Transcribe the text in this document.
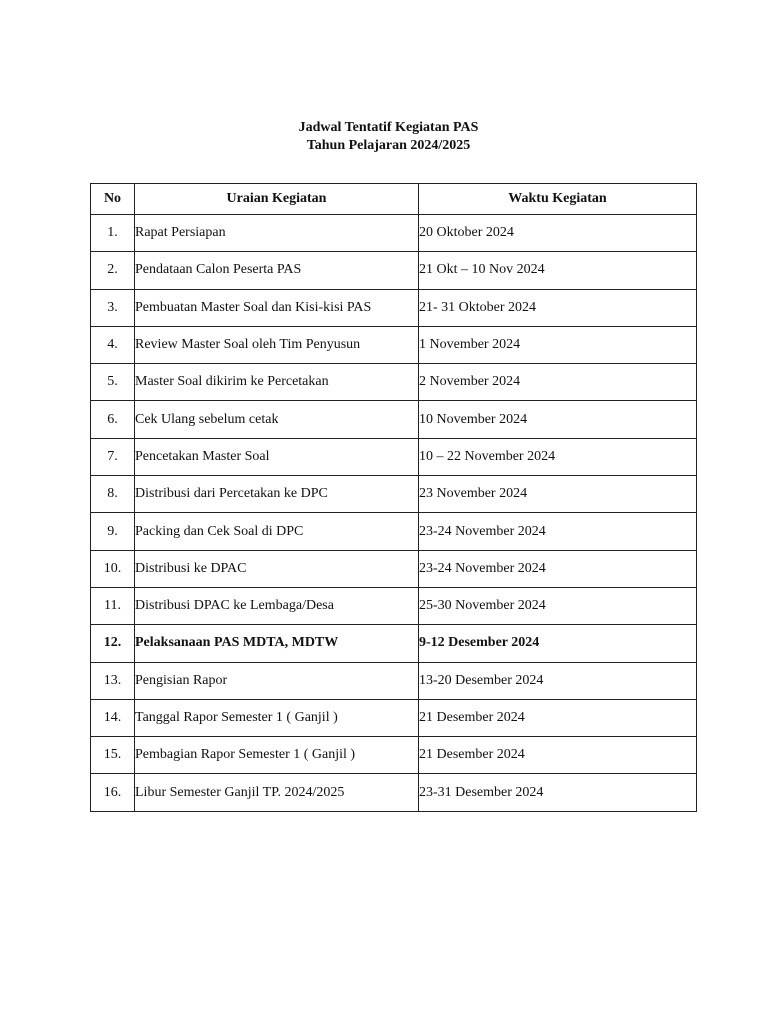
Jadwal Tentatif Kegiatan PAS
Tahun Pelajaran 2024/2025
No	Uraian Kegiatan	Waktu Kegiatan
1.	Rapat Persiapan	20 Oktober 2024
2.	Pendataan Calon Peserta PAS	21 Okt – 10 Nov 2024
3.	Pembuatan Master Soal dan Kisi-kisi PAS	21- 31 Oktober 2024
4.	Review Master Soal oleh Tim Penyusun	1 November 2024
5.	Master Soal dikirim ke Percetakan	2 November 2024
6.	Cek Ulang sebelum cetak	10 November 2024
7.	Pencetakan Master Soal	10 – 22 November 2024
8.	Distribusi dari Percetakan ke DPC	23 November 2024
9.	Packing dan Cek Soal di DPC	23-24 November 2024
10.	Distribusi ke DPAC	23-24 November 2024
11.	Distribusi DPAC ke Lembaga/Desa	25-30 November 2024
12.	Pelaksanaan PAS MDTA, MDTW	9-12 Desember 2024
13.	Pengisian Rapor	13-20 Desember 2024
14.	Tanggal Rapor Semester 1 ( Ganjil )	21 Desember 2024
15.	Pembagian Rapor Semester 1 ( Ganjil )	21 Desember 2024
16.	Libur Semester Ganjil TP. 2024/2025	23-31 Desember 2024
